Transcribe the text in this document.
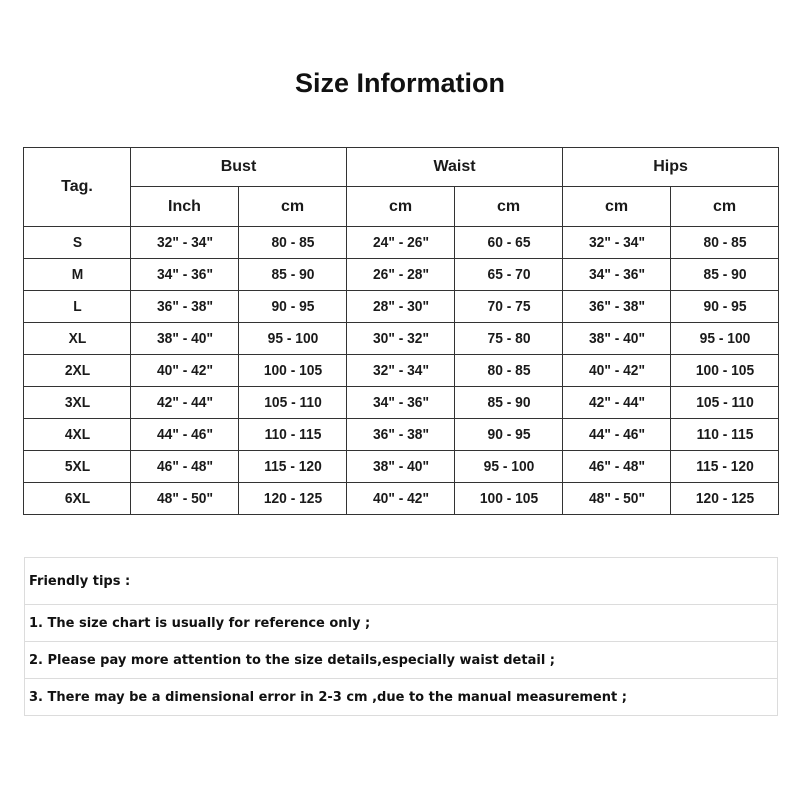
Size Information
Tag.	Bust		Waist		Hips	
	Inch	cm	cm	cm	cm	cm
S	32" - 34"	80 - 85	24" - 26"	60 - 65	32" - 34"	80 - 85
M	34" - 36"	85 - 90	26" - 28"	65 - 70	34" - 36"	85 - 90
L	36" - 38"	90 - 95	28" - 30"	70 - 75	36" - 38"	90 - 95
XL	38" - 40"	95 - 100	30" - 32"	75 - 80	38" - 40"	95 - 100
2XL	40" - 42"	100 - 105	32" - 34"	80 - 85	40" - 42"	100 - 105
3XL	42" - 44"	105 - 110	34" - 36"	85 - 90	42" - 44"	105 - 110
4XL	44" - 46"	110 - 115	36" - 38"	90 - 95	44" - 46"	110 - 115
5XL	46" - 48"	115 - 120	38" - 40"	95 - 100	46" - 48"	115 - 120
6XL	48" - 50"	120 - 125	40" - 42"	100 - 105	48" - 50"	120 - 125
Friendly tips :
1. The size chart is usually for reference only ;
2. Please pay more attention to the size details,especially waist detail ;
3. There may be a dimensional error in 2-3 cm ,due to the manual measurement ;
